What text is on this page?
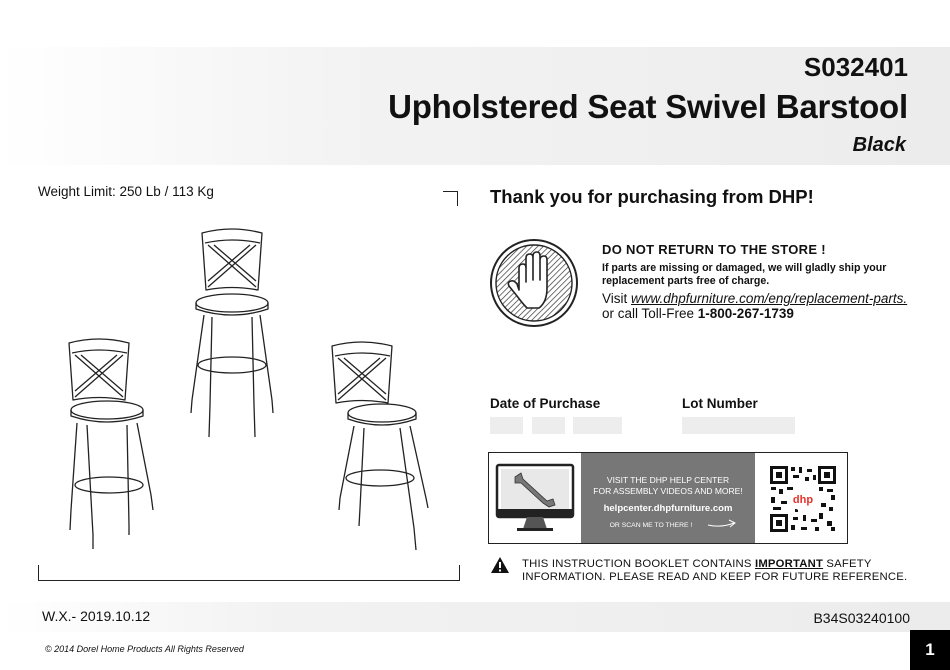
S032401
Upholstered Seat Swivel Barstool
Black
Weight Limit: 250 Lb / 113 Kg	Thank you for purchasing from DHP!
DO NOT RETURN TO THE STORE !
If parts are missing or damaged, we will gladly ship your replacement parts free of charge.
Visit www.dhpfurniture.com/eng/replacement-parts.
or call Toll-Free 1-800-267-1739
Date of Purchase	Lot Number
VISIT THE DHP HELP CENTER
FOR ASSEMBLY VIDEOS AND MORE!
helpcenter.dhpfurniture.com
OR SCAN ME TO THERE !
dhp
THIS INSTRUCTION BOOKLET CONTAINS IMPORTANT SAFETY
INFORMATION. PLEASE READ AND KEEP FOR FUTURE REFERENCE.
W.X.- 2019.10.12	B34S03240100
© 2014 Dorel Home Products All Rights Reserved	1
